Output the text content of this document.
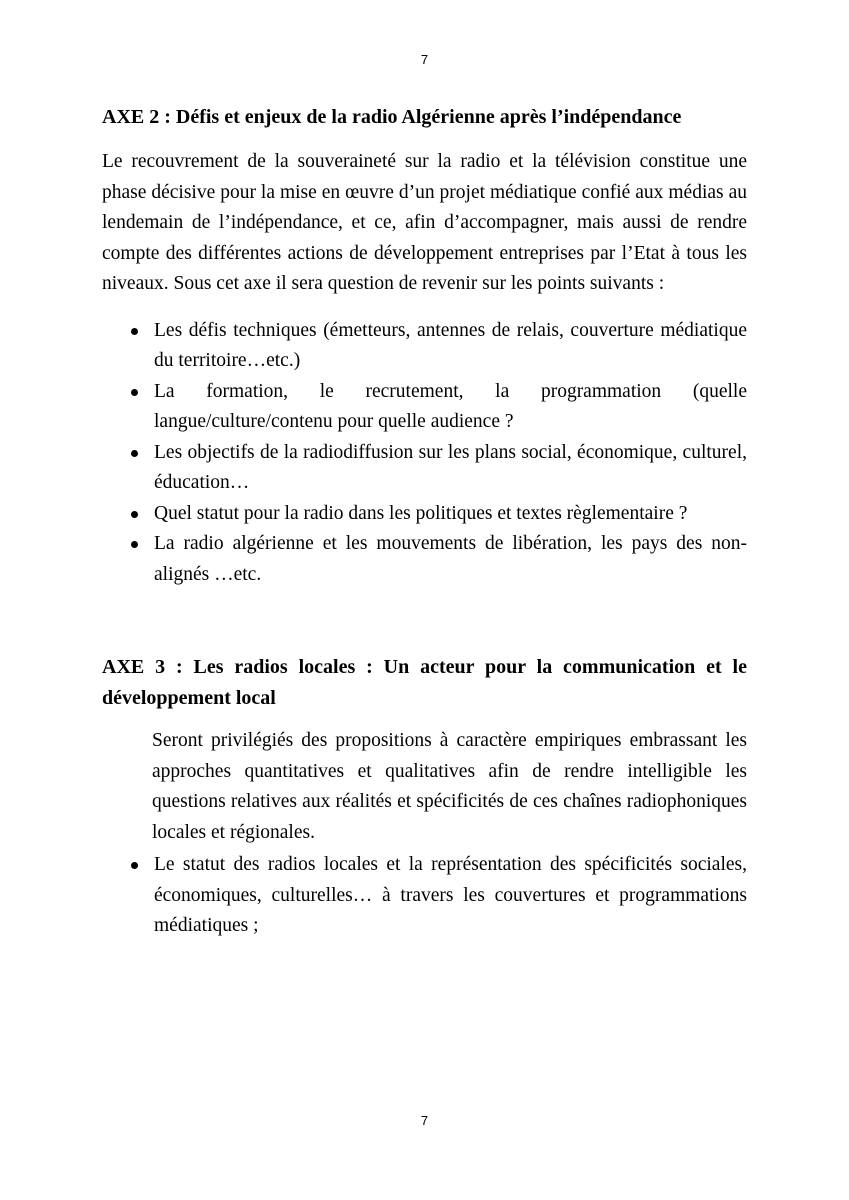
7
AXE 2 : Défis et enjeux de la radio Algérienne après l’indépendance

Le recouvrement de la souveraineté sur la radio et la télévision constitue une phase décisive pour la mise en œuvre d’un projet médiatique confié aux médias au lendemain de l’indépendance, et ce, afin d’accompagner, mais aussi de rendre compte des différentes actions de développement entreprises par l’Etat à tous les niveaux. Sous cet axe il sera question de revenir sur les points suivants :

Les défis techniques (émetteurs, antennes de relais, couverture médiatique du territoire…etc.)
La formation, le recrutement, la programmation (quelle langue/culture/contenu pour quelle audience ?
Les objectifs de la radiodiffusion sur les plans social, économique, culturel, éducation…
Quel statut pour la radio dans les politiques et textes règlementaire ?
La radio algérienne et les mouvements de libération, les pays des non-alignés …etc.
AXE 3 : Les radios locales : Un acteur pour la communication et le développement local

Seront privilégiés des propositions à caractère empiriques embrassant les approches quantitatives et qualitatives afin de rendre intelligible les questions relatives aux réalités et spécificités de ces chaînes radiophoniques locales et régionales.

Le statut des radios locales et la représentation des spécificités sociales, économiques, culturelles… à travers les couvertures et programmations médiatiques ;
7
